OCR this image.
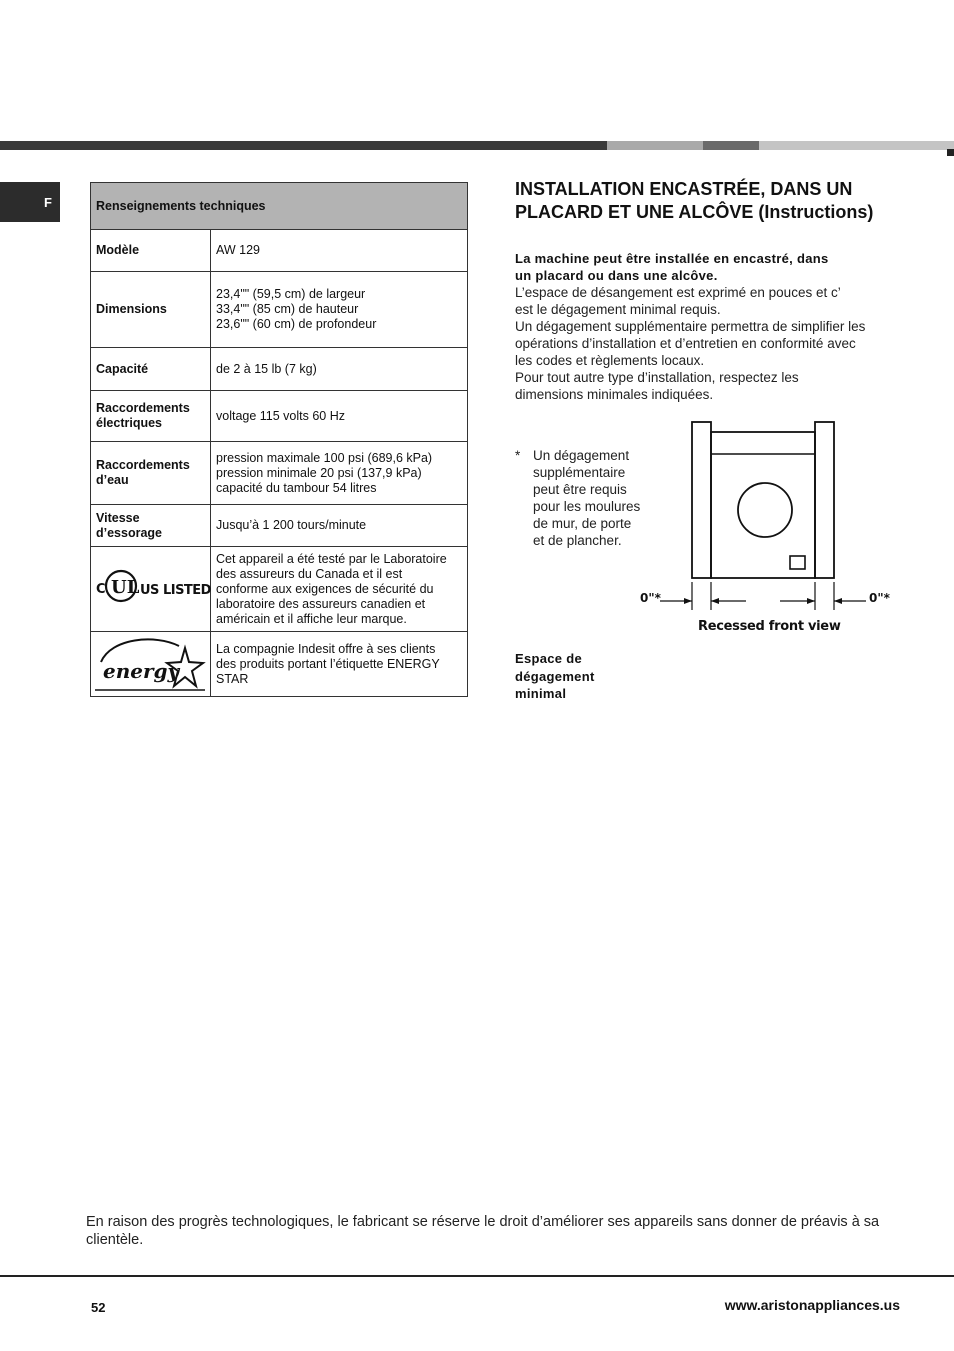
F	Renseignements techniques	
Modèle	AW 129

Dimensions	23,4"" (59,5 cm) de largeur
33,4"" (85 cm) de hauteur
23,6"" (60 cm) de profondeur

Capacité	de 2 à 15 lb (7 kg)

Raccordements
électriques	voltage 115 volts 60 Hz

Raccordements
d’eau	pression maximale 100 psi (689,6 kPa)
pression minimale 20 psi (137,9 kPa)
capacité du tambour 54 litres

Vitesse
d’essorage	Jusqu’à 1 200 tours/minute

C UL US LISTED	Cet appareil a été testé par le Laboratoire
des assureurs du Canada et il est
conforme aux exigences de sécurité du
laboratoire des assureurs canadien et
américain et il affiche leur marque.

energy	La compagnie Indesit offre à ses clients
des produits portant l’étiquette ENERGY
STAR
INSTALLATION ENCASTRÉE, DANS UN
PLACARD ET UNE ALCÔVE (Instructions)
La machine peut être installée en encastré, dans
un placard ou dans une alcôve.

L’espace de désangement est exprimé en pouces et c’

est le dégagement minimal requis.

Un dégagement supplémentaire permettra de simplifier les

opérations d’installation et d’entretien en conformité avec

les codes et règlements locaux.

Pour tout autre type d’installation, respectez les

dimensions minimales indiquées.

* Un dégagement
supplémentaire
peut être requis
pour les moulures
de mur, de porte
et de plancher.
0"*	0"*
Recessed front view
Espace de
dégagement
minimal
En raison des progrès technologiques, le fabricant se réserve le droit d’améliorer ses appareils sans donner de préavis à sa clientèle.
52	www.aristonappliances.us
